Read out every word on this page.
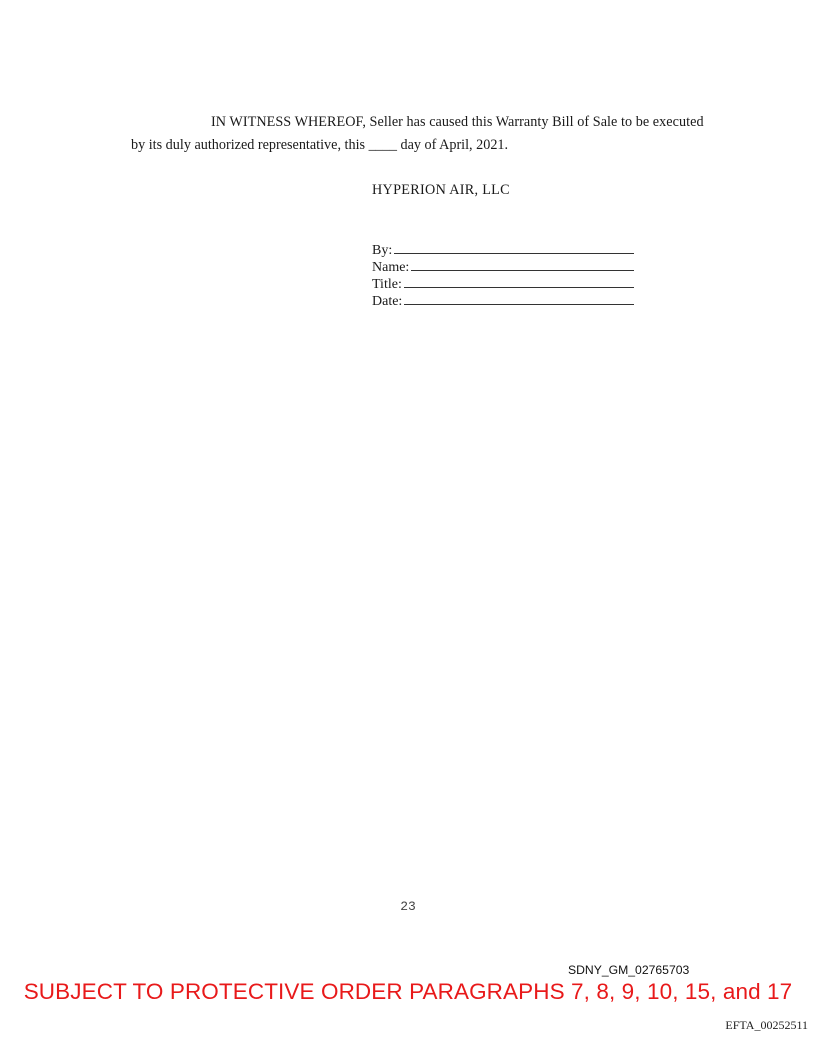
IN WITNESS WHEREOF, Seller has caused this Warranty Bill of Sale to be executed
by its duly authorized representative, this ____ day of April, 2021.
HYPERION AIR, LLC
By:
Name:
Title:
Date:
23
SDNY_GM_02765703
SUBJECT TO PROTECTIVE ORDER PARAGRAPHS 7, 8, 9, 10, 15, and 17
EFTA_00252511
